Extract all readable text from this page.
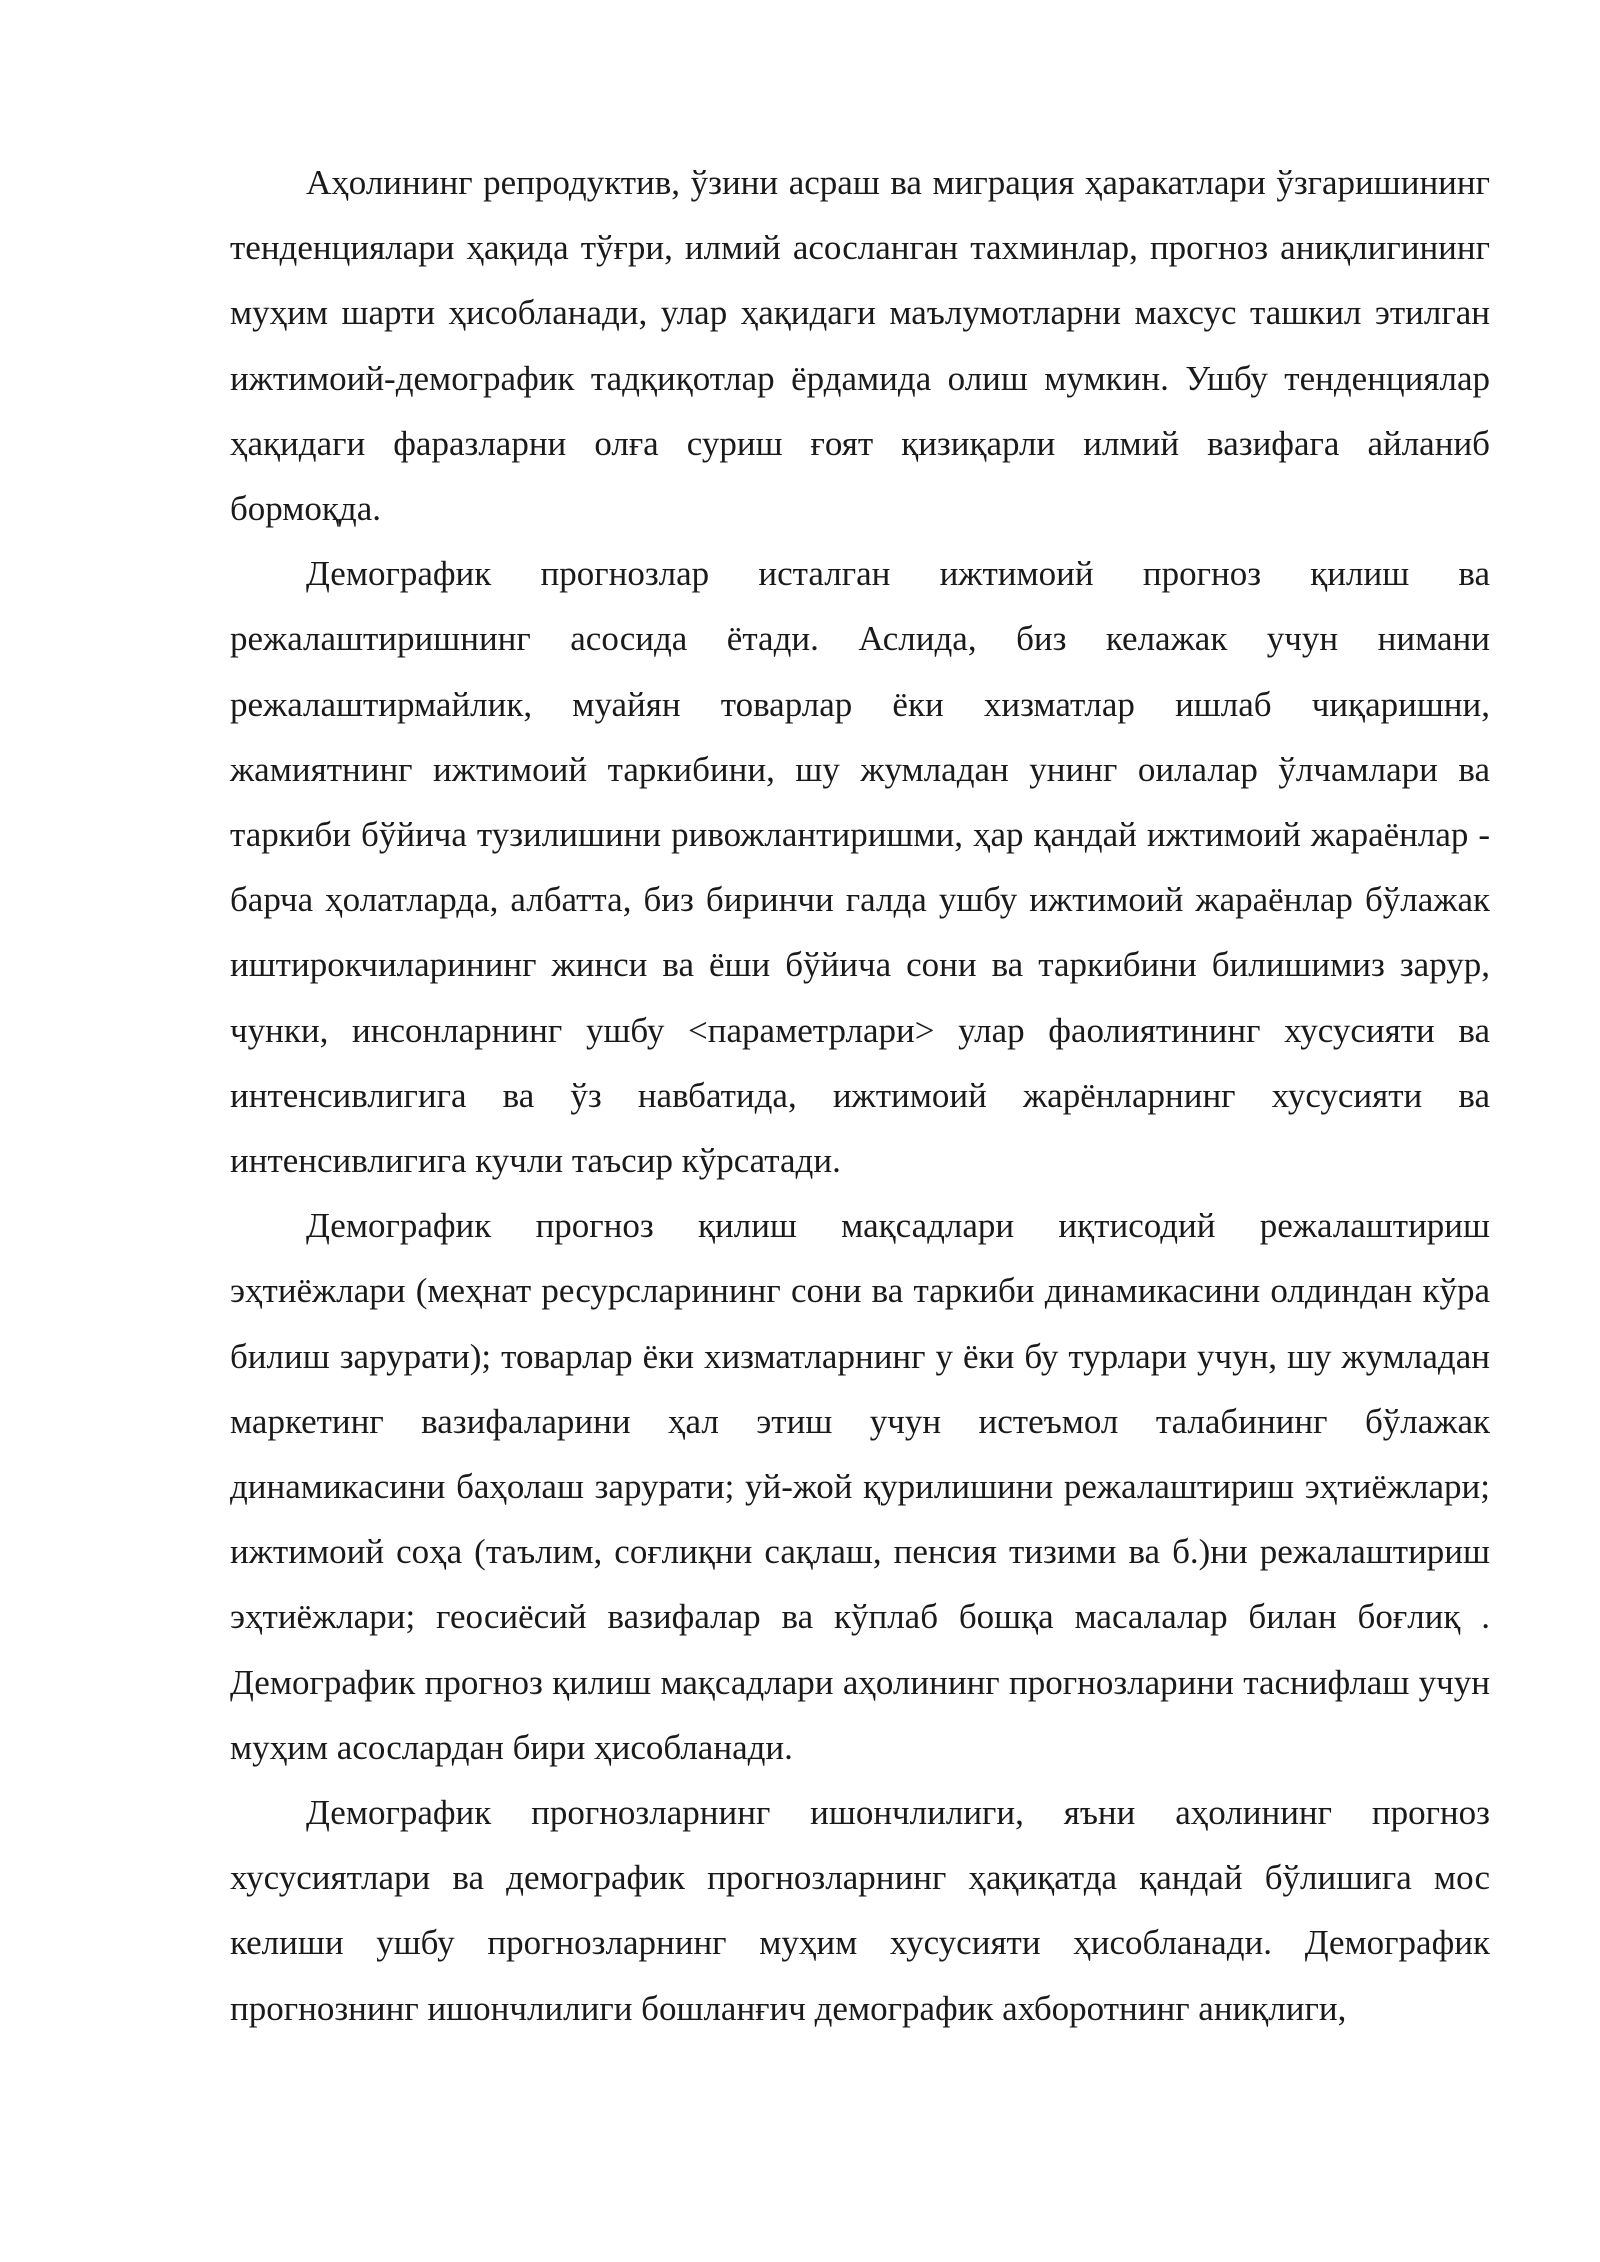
Аҳолининг репродуктив, ўзини асраш ва миграция ҳаракатлари ўзгаришининг тенденциялари ҳақида тўғри, илмий асосланган тахминлар, прогноз аниқлигининг муҳим шарти ҳисобланади, улар ҳақидаги маълумотларни махсус ташкил этилган ижтимоий-демографик тадқиқотлар ёрдамида олиш мумкин. Ушбу тенденциялар ҳақидаги фаразларни олға суриш ғоят қизиқарли илмий вазифага айланиб бормоқда.

Демографик прогнозлар исталган ижтимоий прогноз қилиш ва режалаштиришнинг асосида ётади. Аслида, биз келажак учун нимани режалаштирмайлик, муайян товарлар ёки хизматлар ишлаб чиқаришни, жамиятнинг ижтимоий таркибини, шу жумладан унинг оилалар ўлчамлари ва таркиби бўйича тузилишини ривожлантиришми, ҳар қандай ижтимоий жараёнлар - барча ҳолатларда, албатта, биз биринчи галда ушбу ижтимоий жараёнлар бўлажак иштирокчиларининг жинси ва ёши бўйича сони ва таркибини билишимиз зарур, чунки, инсонларнинг ушбу <параметрлари> улар фаолиятининг хусусияти ва интенсивлигига ва ўз навбатида, ижтимоий жарёнларнинг хусусияти ва интенсивлигига кучли таъсир кўрсатади.

Демографик прогноз қилиш мақсадлари иқтисодий режалаштириш эҳтиёжлари (меҳнат ресурсларининг сони ва таркиби динамикасини олдиндан кўра билиш зарурати); товарлар ёки хизматларнинг у ёки бу турлари учун, шу жумладан маркетинг вазифаларини ҳал этиш учун истеъмол талабининг бўлажак динамикасини баҳолаш зарурати; уй-жой қурилишини режалаштириш эҳтиёжлари; ижтимоий соҳа (таълим, соғлиқни сақлаш, пенсия тизими ва б.)ни режалаштириш эҳтиёжлари; геосиёсий вазифалар ва кўплаб бошқа масалалар билан боғлиқ . Демографик прогноз қилиш мақсадлари аҳолининг прогнозларини таснифлаш учун муҳим асослардан бири ҳисобланади.

Демографик прогнозларнинг ишончлилиги, яъни аҳолининг прогноз хусусиятлари ва демографик прогнозларнинг ҳақиқатда қандай бўлишига мос келиши ушбу прогнозларнинг муҳим хусусияти ҳисобланади. Демографик прогнознинг ишончлилиги бошланғич демографик ахборотнинг аниқлиги,
